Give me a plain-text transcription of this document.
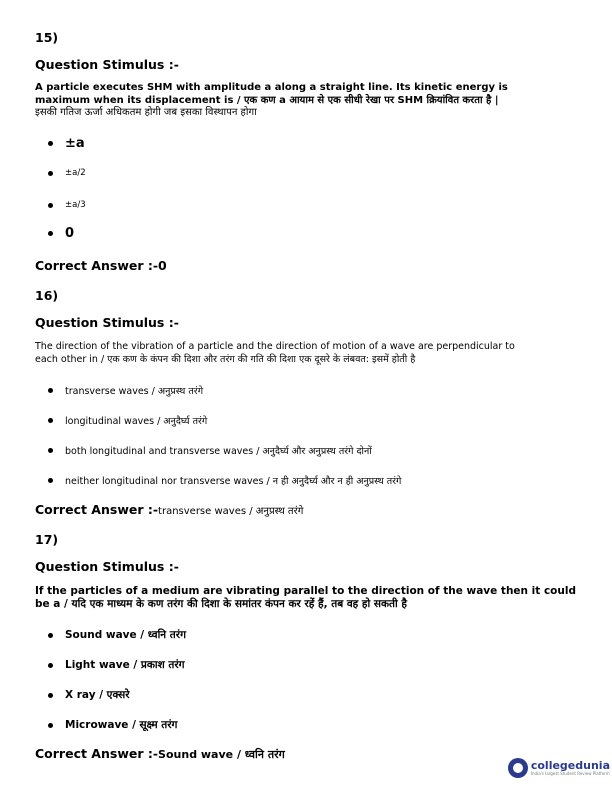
15)
Question Stimulus :-
A particle executes SHM with amplitude a along a straight line. Its kinetic energy is
maximum when its displacement is / एक कण a आयाम से एक सीधी रेखा पर SHM क्रियांवित करता है |
इसकी गतिज ऊर्जा अधिकतम होगी जब इसका विस्थापन होगा
±a
±a/2
±a/3
0
Correct Answer :-0
16)
Question Stimulus :-
The direction of the vibration of a particle and the direction of motion of a wave are perpendicular to
each other in / एक कण के कंपन की दिशा और तरंग की गति की दिशा एक दूसरे के लंबवत: इसमें होती है
transverse waves / अनुप्रस्थ तरंगे
longitudinal waves / अनुदैर्घ्य तरंगे
both longitudinal and transverse waves / अनुदैर्घ्य और अनुप्रस्थ तरंगे दोनों
neither longitudinal nor transverse waves / न ही अनुदैर्घ्य और न ही अनुप्रस्थ तरंगे
Correct Answer :-transverse waves / अनुप्रस्थ तरंगे
17)
Question Stimulus :-
If the particles of a medium are vibrating parallel to the direction of the wave then it could
be a / यदि एक माध्यम के कण तरंग की दिशा के समांतर कंपन कर रहें हैं, तब वह हो सकती है
Sound wave / ध्वनि तरंग
Light wave / प्रकाश तरंग
X ray / एक्सरे
Microwave / सूक्ष्म तरंग
Correct Answer :-Sound wave / ध्वनि तरंग
collegedunia
India's largest Student Review Platform
